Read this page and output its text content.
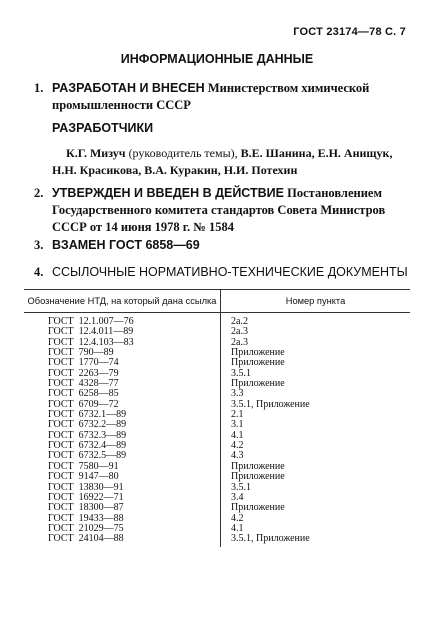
ГОСТ 23174—78 С. 7
ИНФОРМАЦИОННЫЕ ДАННЫЕ
1. РАЗРАБОТАН И ВНЕСЕН Министерством химической промышленности СССР
РАЗРАБОТЧИКИ
К.Г. Мизуч (руководитель темы), В.Е. Шанина, Е.Н. Анищук, Н.Н. Красикова, В.А. Куракин, Н.И. Потехин
2. УТВЕРЖДЕН И ВВЕДЕН В ДЕЙСТВИЕ Постановлением Государственного комитета стандартов Совета Министров СССР от 14 июня 1978 г. № 1584
3. ВЗАМЕН ГОСТ 6858—69
4. ССЫЛОЧНЫЕ НОРМАТИВНО-ТЕХНИЧЕСКИЕ ДОКУМЕНТЫ
Обозначение НТД, на который дана ссылка	Номер пункта
ГОСТ  12.1.007—76	2а.2
ГОСТ  12.4.011—89	2а.3
ГОСТ  12.4.103—83	2а.3
ГОСТ  790—89	Приложение
ГОСТ  1770—74	Приложение
ГОСТ  2263—79	3.5.1
ГОСТ  4328—77	Приложение
ГОСТ  6258—85	3.3
ГОСТ  6709—72	3.5.1, Приложение
ГОСТ  6732.1—89	2.1
ГОСТ  6732.2—89	3.1
ГОСТ  6732.3—89	4.1
ГОСТ  6732.4—89	4.2
ГОСТ  6732.5—89	4.3
ГОСТ  7580—91	Приложение
ГОСТ  9147—80	Приложение
ГОСТ  13830—91	3.5.1
ГОСТ  16922—71	3.4
ГОСТ  18300—87	Приложение
ГОСТ  19433—88	4.2
ГОСТ  21029—75	4.1
ГОСТ  24104—88	3.5.1, Приложение
